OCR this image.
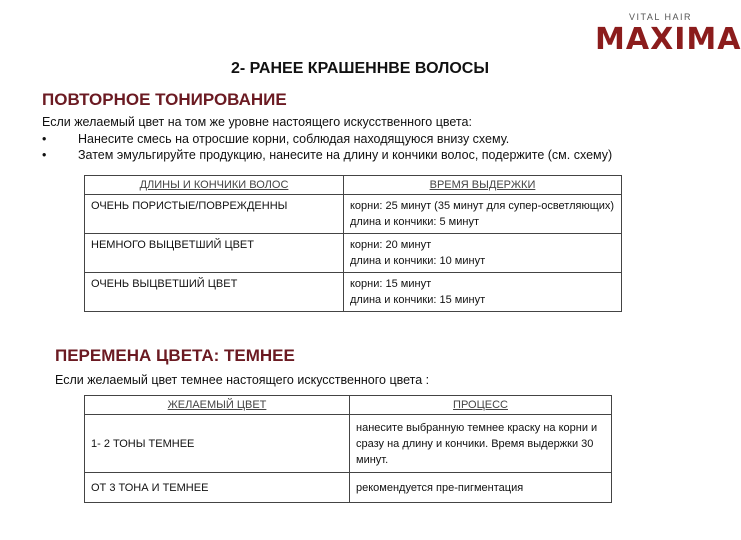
VITAL HAIR
MAXIMA
2- РАНЕЕ КРАШЕННВЕ ВОЛОСЫ
ПОВТОРНОЕ ТОНИРОВАНИЕ
Если желаемый цвет на том же уровне настоящего искусственного цвета:
•	Нанесите смесь на отросшие корни, соблюдая находящуюся внизу схему.
•	Затем эмульгируйте продукцию, нанесите на длину и кончики волос, подержите (см. схему)
ДЛИНЫ И КОНЧИКИ ВОЛОС	ВРЕМЯ ВЫДЕРЖКИ
ОЧЕНЬ ПОРИСТЫЕ/ПОВРЕЖДЕННЫ	корни: 25 минут (35 минут для супер-осветляющих)
длина и кончики: 5 минут

НЕМНОГО ВЫЦВЕТШИЙ ЦВЕТ	корни: 20 минут
длина и кончики: 10 минут

ОЧЕНЬ ВЫЦВЕТШИЙ ЦВЕТ	корни: 15 минут
длина и кончики: 15 минут
ПЕРЕМЕНА ЦВЕТА: ТЕМНЕЕ
Если желаемый цвет темнее настоящего искусственного цвета :
ЖЕЛАЕМЫЙ ЦВЕТ	ПРОЦЕСС
1- 2 ТОНЫ ТЕМНЕЕ	нанесите выбранную темнее краску на корни и сразу на длину и кончики. Время выдержки 30 минут.
ОТ 3 ТОНА И ТЕМНЕЕ	рекомендуется пре-пигментация
